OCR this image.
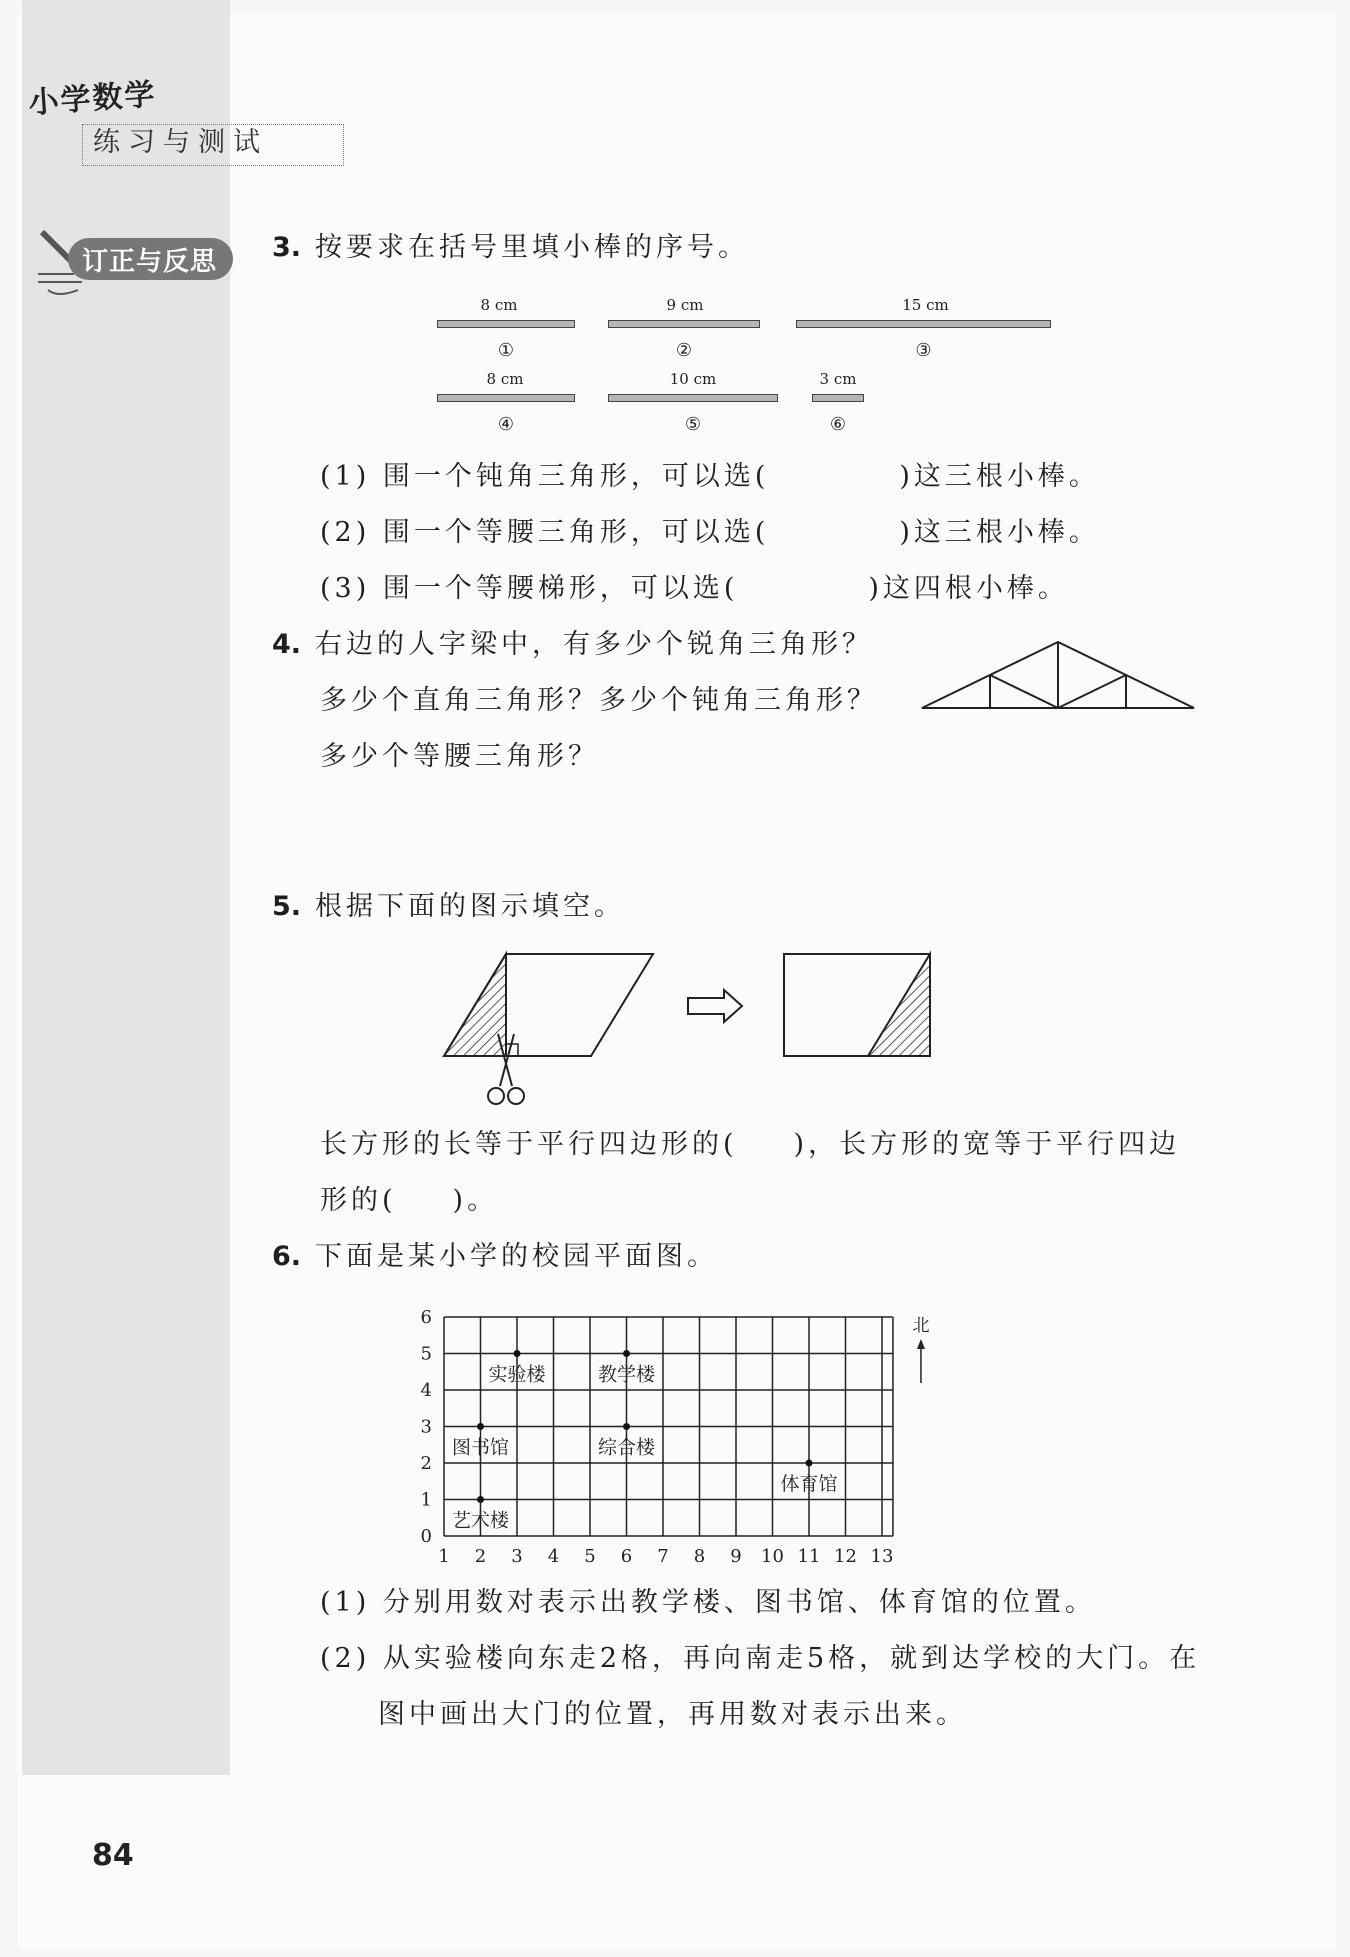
小学数学
练习与测试
订正与反思 3. 按要求在括号里填小棒的序号。
8 cm
①
9 cm
②
15 cm
③
8 cm
④
10 cm
⑤
3 cm
⑥
(1) 围一个钝角三角形，可以选(	)这三根小棒。
(2) 围一个等腰三角形，可以选(	)这三根小棒。
(3) 围一个等腰梯形，可以选(	)这四根小棒。
4. 右边的人字梁中，有多少个锐角三角形？
多少个直角三角形？多少个钝角三角形？
多少个等腰三角形？
5. 根据下面的图示填空。
长方形的长等于平行四边形的( )，长方形的宽等于平行四边
形的( )。
6. 下面是某小学的校园平面图。
1 2 3 4 5 6 7 8 9 10 11 12 13
0
1
2
3
4
5
6
实验楼	教学楼
图书馆	综合楼
体育馆
艺术楼
北
(1) 分别用数对表示出教学楼、图书馆、体育馆的位置。
(2) 从实验楼向东走2格，再向南走5格，就到达学校的大门。在
图中画出大门的位置，再用数对表示出来。
84
